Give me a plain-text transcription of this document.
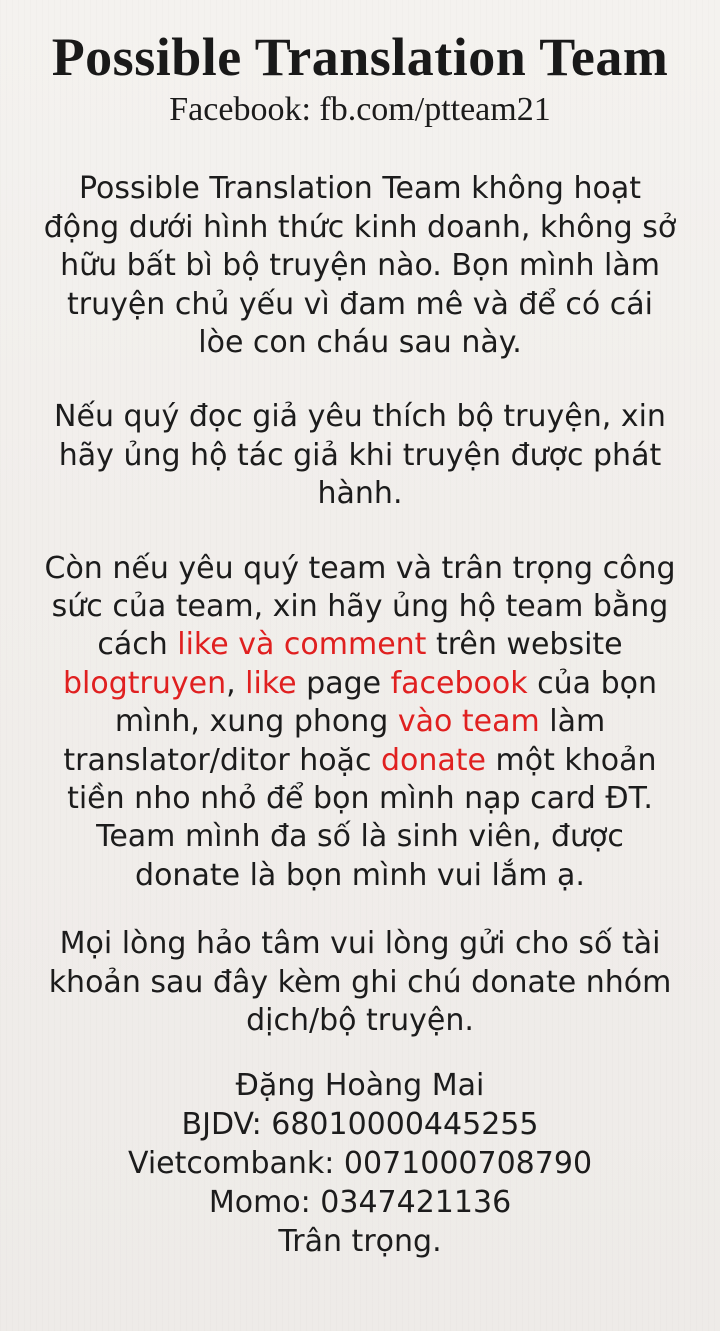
Possible Translation Team
Facebook: fb.com/ptteam21

Possible Translation Team không hoạt động dưới hình thức kinh doanh, không sở hữu bất bì bộ truyện nào. Bọn mình làm truyện chủ yếu vì đam mê và để có cái lòe con cháu sau này.

Nếu quý đọc giả yêu thích bộ truyện, xin hãy ủng hộ tác giả khi truyện được phát hành.

Còn nếu yêu quý team và trân trọng công sức của team, xin hãy ủng hộ team bằng cách like và comment trên website blogtruyen, like page facebook của bọn mình, xung phong vào team làm translator/ditor hoặc donate một khoản tiền nho nhỏ để bọn mình nạp card ĐT. Team mình đa số là sinh viên, được donate là bọn mình vui lắm ạ.

Mọi lòng hảo tâm vui lòng gửi cho số tài khoản sau đây kèm ghi chú donate nhóm dịch/bộ truyện.

Đặng Hoàng Mai
BJDV: 68010000445255
Vietcombank: 0071000708790
Momo: 0347421136
Trân trọng.
